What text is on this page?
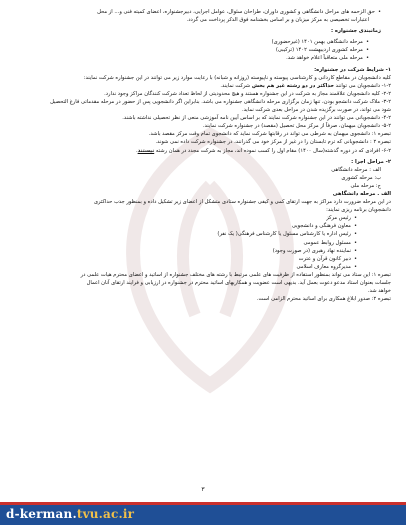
• حق الزحمه های مراحل دانشگاهی و کشوری داوران، طراحان سئوال، عوامل اجرایی، دبیرجشنواره، اعضای کمیته فنی و... از محل
اعتبارات تخصیصی به مرکز میزبان و بر اساس بخشنامه فوق الذکر پرداخت می گردد.
زمانبندی جشنواره :
• مرحله دانشگاهی بهمن ۱۴۰۱ (غیرحضوری)
• مرحله کشوری اردیبهشت ۱۴۰۲ (ترکیبی)
• مرحله ملی متعاقباً اعلام خواهد شد.
۱- شرایط شرکت در جشنواره:
کلیه دانشجویان در مقاطع کاردانی و کارشناسی پیوسته و ناپیوسته (روزانه و شبانه) با رعایت موارد زیر می توانند در این جشنواره شرکت نمایند:
۱-۲- دانشجویان می توانند حداکثر در دو رشته غیر هم بخش شرکت نمایند.
۲-۲- کلیه دانشجویان علاقمند مجاز به شرکت در این جشنواره هستند و هیچ محدودیتی از لحاظ تعداد شرکت کنندگان مراکز وجود ندارد.
۳-۲- ملاک شرکت دانشجو بودن، تنها زمان برگزاری مرحله دانشگاهی جشنواره می باشد. بنابراین اگر دانشجویی پس از حضور در مرحله مقدماتی فارغ التحصیل
شود می تواند، در صورت برگزیده شدن در مراحل بعدی شرکت نماید.
۴-۲- دانشجویانی می توانند در این جشنواره شرکت نمایند که بر اساس آیین نامه آموزشی منعی از نظر تحصیلی نداشته باشند.
۵-۲- دانشجویان میهمان، صرفاً از مرکز محل تحصیل (مقصد) در جشنواره شرکت نمایند.
تبصره ۱: دانشجوی میهمان به شرطی می تواند در رقابتها شرکت نماید که دانشجوی تمام وقت مرکز مقصد باشد.
تبصره ۲ : دانشجویانی که ترم تابستان را در غیر از مرکز خود می گذرانند، در جشنواره شرکت داده نمی شوند.
۶-۲- افرادی که در دوره گذشته(سال ۱۴۰۰) مقام اول را کسب نموده اند، مجاز به شرکت مجدد در همان رشته نیستند.
۲- مراحل اجرا :
الف : مرحله دانشگاهی
ب: مرحله کشوری
ج: مرحله ملی
الف . مرحله دانشگاهی
در این مرحله ضرورت دارد مراکز به جهت ارتقای کمی و کیفی جشنواره ستادی متشکل از اعضای زیر تشکیل داده و بمنظور جذب حداکثری
دانشجویان برنامه ریزی نمایند:
• رئیس مرکز
• معاون فرهنگی و دانشجویی
• رئیس اداره یا کارشناس مسئول یا کارشناس فرهنگی( یک نفر)
• مسئول روابط عمومی
• نماینده نهاد رهبری (در صورت وجود)
• دبیر کانون قرآن و عترت
• مدیرگروه معارف اسلامی
تبصره ۱: این ستاد می تواند بمنظور استفاده از ظرفیت های علمی مرتبط با رشته های مختلف جشنواره از اساتید و اعضای محترم هیات علمی در
جلسات بعنوان استاد مدعو دعوت بعمل آید. بدیهی است عضویت و همکاریهای اساتید محترم در جشنواره در ارزیابی و فرایند ارتقای آنان اعمال
خواهد شد.
تبصره ۲: صدور ابلاغ همکاری برای اساتید محترم الزامی است.
۳
d-kerman.tvu.ac.ir
